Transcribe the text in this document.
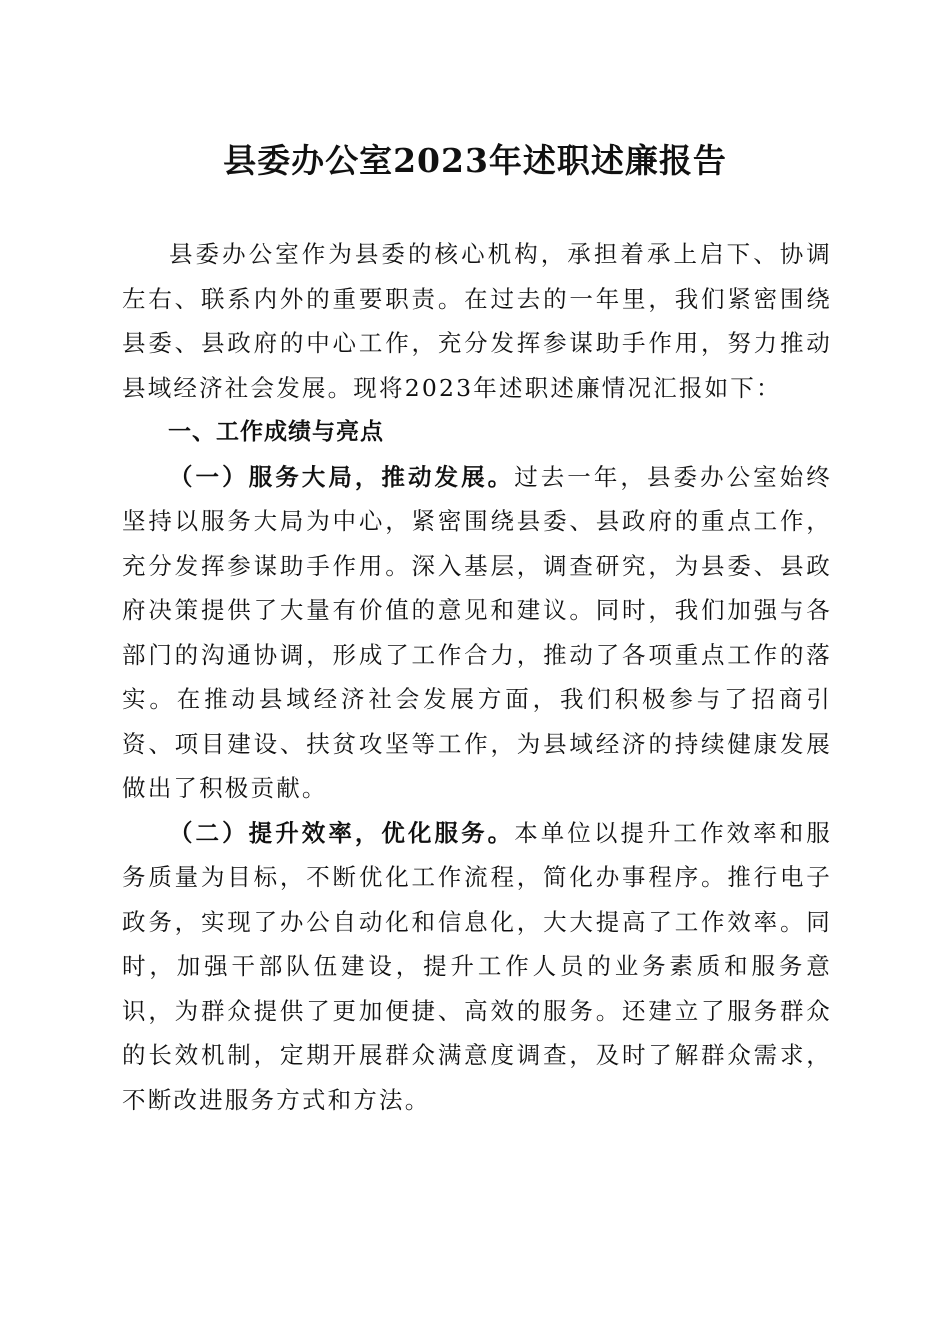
县委办公室2023年述职述廉报告

县委办公室作为县委的核心机构，承担着承上启下、协调左右、联系内外的重要职责。在过去的一年里，我们紧密围绕县委、县政府的中心工作，充分发挥参谋助手作用，努力推动县域经济社会发展。现将2023年述职述廉情况汇报如下：

一、工作成绩与亮点

（一）服务大局，推动发展。过去一年，县委办公室始终坚持以服务大局为中心，紧密围绕县委、县政府的重点工作，充分发挥参谋助手作用。深入基层，调查研究，为县委、县政府决策提供了大量有价值的意见和建议。同时，我们加强与各部门的沟通协调，形成了工作合力，推动了各项重点工作的落实。在推动县域经济社会发展方面，我们积极参与了招商引资、项目建设、扶贫攻坚等工作，为县域经济的持续健康发展做出了积极贡献。

（二）提升效率，优化服务。本单位以提升工作效率和服务质量为目标，不断优化工作流程，简化办事程序。推行电子政务，实现了办公自动化和信息化，大大提高了工作效率。同时，加强干部队伍建设，提升工作人员的业务素质和服务意识，为群众提供了更加便捷、高效的服务。还建立了服务群众的长效机制，定期开展群众满意度调查，及时了解群众需求，不断改进服务方式和方法。
